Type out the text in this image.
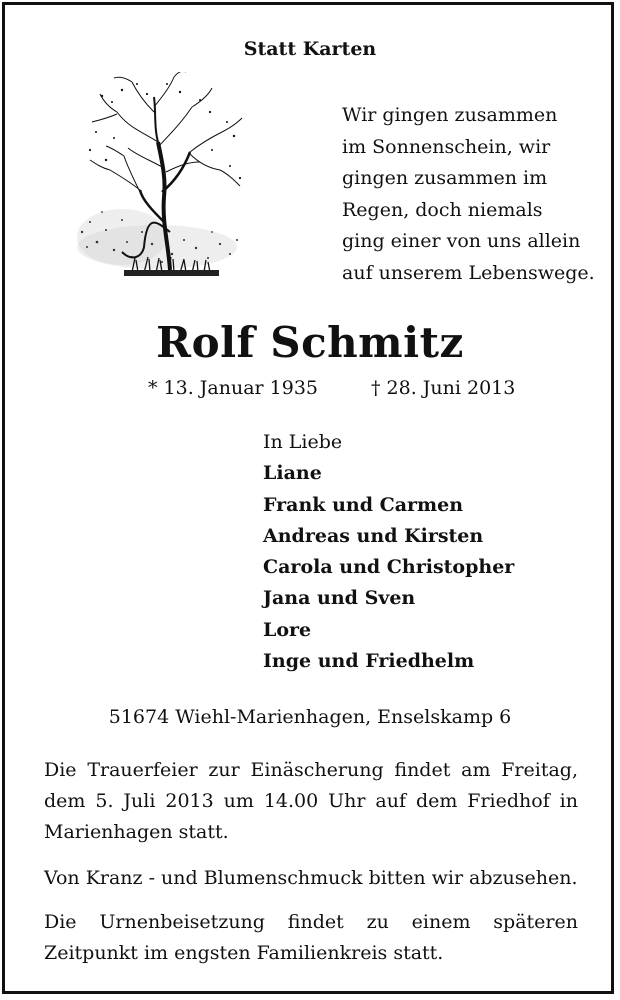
Statt Karten
Wir gingen zusammen
im Sonnenschein, wir
gingen zusammen im
Regen, doch niemals
ging einer von uns allein
auf unserem Lebenswege.
Rolf Schmitz
* 13. Januar 1935	† 28. Juni 2013
In Liebe
Liane
Frank und Carmen
Andreas und Kirsten
Carola und Christopher
Jana und Sven
Lore
Inge und Friedhelm
51674 Wiehl-Marienhagen, Enselskamp 6
Die Trauerfeier zur Einäscherung findet am Freitag, dem 5. Juli 2013 um 14.00 Uhr auf dem Friedhof in Marienhagen statt.
Von Kranz - und Blumenschmuck bitten wir abzusehen.
Die Urnenbeisetzung findet zu einem späteren Zeitpunkt im engsten Familienkreis statt.
